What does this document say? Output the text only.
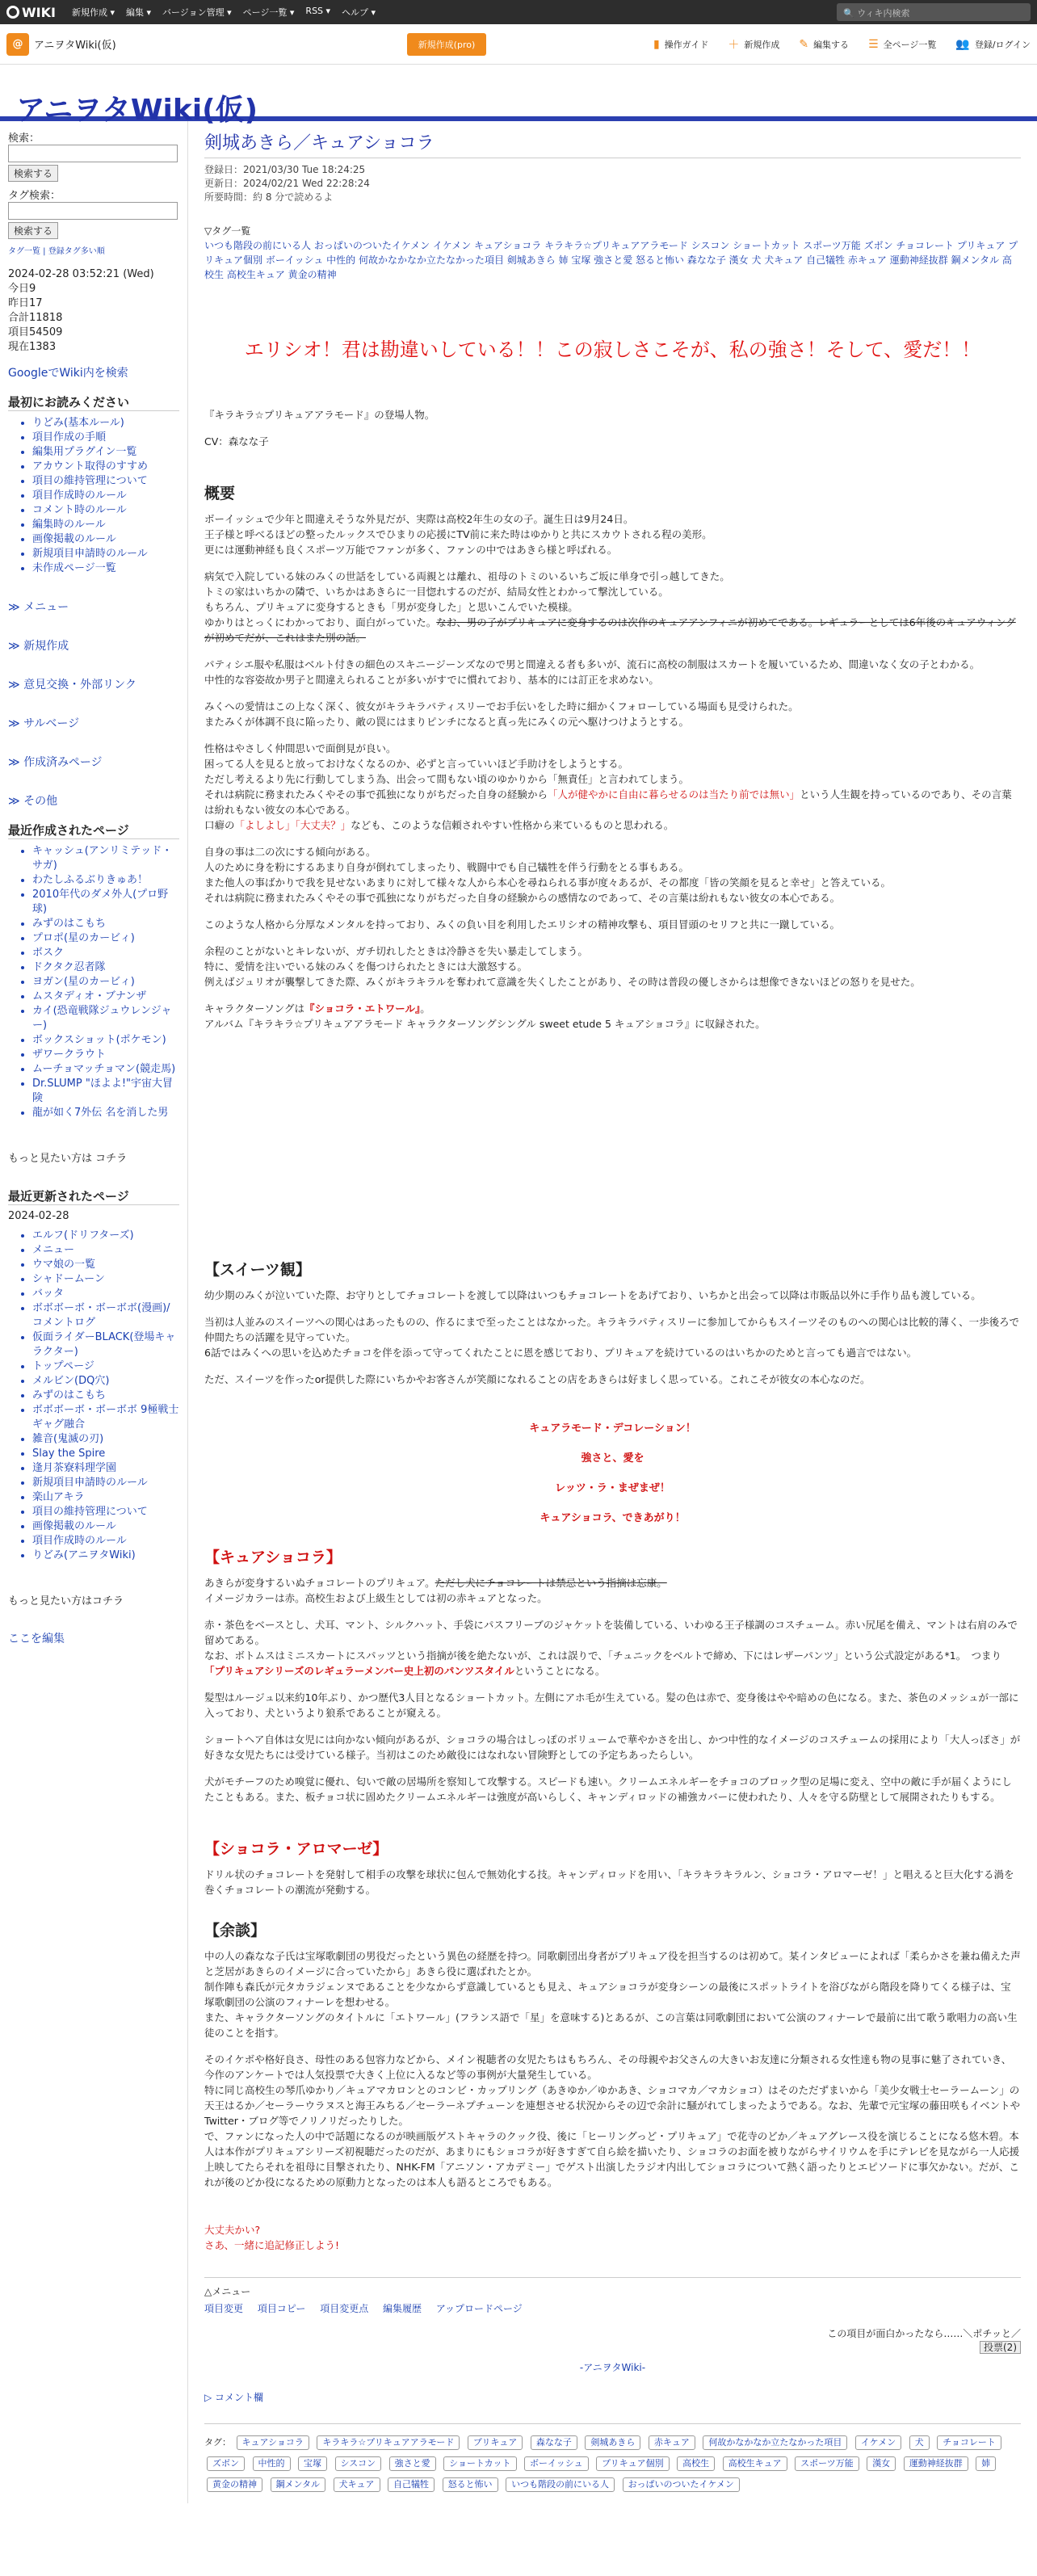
WIKI 新規作成 ▾	編集 ▾	バージョン管理 ▾	ページ一覧 ▾	RSS ▾	ヘルプ ▾	🔍 ウィキ内検索
@	アニヲタWiki(仮)	新規作成(pro)	▮ 操作ガイド ＋ 新規作成 ✎ 編集する ☰ 全ページ一覧 👥 登録/ログイン
アニヲタWiki(仮)
検索：
検索する
タグ検索：
検索する
タグ一覧 | 登録タグ多い順
2024-02-28 03:52:21 (Wed)
今日9
昨日17
合計11818
項目54509
現在1383
GoogleでWiki内を検索
最初にお読みください
• りどみ(基本ルール)
• 項目作成の手順
• 編集用プラグイン一覧
• アカウント取得のすすめ
• 項目の維持管理について
• 項目作成時のルール
• コメント時のルール
• 編集時のルール
• 画像掲載のルール
• 新規項目申請時のルール
• 未作成ページ一覧
≫ メニュー
≫ 新規作成
≫ 意見交換・外部リンク
≫ サルベージ
≫ 作成済みページ
≫ その他
最近作成されたページ
• キャッシュ(アンリミテッド・サガ)
• わたしふるぶりきゅあ！
• 2010年代のダメ外人(プロ野球)
• みずのはこもち
• プロポ(星のカービィ)
• ボスク
• ドクタク忍者隊
• ヨガン(星のカービィ)
• ムスタディオ・ブナンザ
• カイ(恐竜戦隊ジュウレンジャー)
• ボックスショット(ポケモン)
• ザワークラウト
• ムーチョマッチョマン(競走馬)
• Dr.SLUMP "ほよよ!"宇宙大冒険
• 龍が如く7外伝 名を消した男
もっと見たい方は コチラ
最近更新されたページ
2024-02-28
• エルフ(ドリフターズ)
• メニュー
• ウマ娘の一覧
• シャドームーン
• バッタ
• ボボボーボ・ボーボボ(漫画)/コメントログ
• 仮面ライダーBLACK(登場キャラクター)
• トップページ
• メルビン(DQ穴)
• みずのはこもち
• ボボボーボ・ボーボボ 9極戦士ギャグ融合
• 雑音(鬼滅の刃)
• Slay the Spire
• 逢月茶寮料理学園
• 新規項目申請時のルール
• 楽山アキラ
• 項目の維持管理について
• 画像掲載のルール
• 項目作成時のルール
• りどみ(アニヲタWiki)
もっと見たい方はコチラ
ここを編集
剣城あきら／キュアショコラ
登録日：2021/03/30 Tue 18:24:25
更新日：2024/02/21 Wed 22:28:24
所要時間：約 8 分で読めるよ
▽タグ一覧
いつも階段の前にいる人 おっぱいのついたイケメン イケメン キュアショコラ キラキラ☆プリキュアアラモード シスコン ショートカット スポーツ万能 ズボン チョコレート プリキュア プリキュア個別 ボーイッシュ 中性的 何故かなかなか立たなかった項目 剣城あきら 姉 宝塚 強さと愛 怒ると怖い 森なな子 漢女 犬 犬キュア 自己犠牲 赤キュア 運動神経抜群 鋼メンタル 高校生 高校生キュア 黄金の精神
エリシオ！君は勘違いしている！！この寂しさこそが、私の強さ！そして、愛だ！！

『キラキラ☆プリキュアアラモード』の登場人物。

CV：森なな子

概要

ボーイッシュで少年と間違えそうな外見だが、実際は高校2年生の女の子。誕生日は9月24日。
王子様と呼べるほどの整ったルックスでひまりの応援にTV前に来た時はゆかりと共にスカウトされる程の美形。
更には運動神経も良くスポーツ万能でファンが多く、ファンの中ではあきら様と呼ばれる。

病気で入院している妹のみくの世話をしている両親とは離れ、祖母のトミのいるいちご坂に単身で引っ越してきた。
トミの家はいちかの隣で、いちかはあきらに一目惚れするのだが、結局女性とわかって撃沈している。
もちろん、プリキュアに変身するときも「男が変身した」と思いこんでいた模様。
ゆかりはとっくにわかっており、面白がっていた。なお、男の子がプリキュアに変身するのは次作のキュアアンフィニが初めてである。レギュラーとしては6年後のキュアウィングが初めてだが、これはまた別の話。

パティシエ服や私服はベルト付きの細色のスキニージーンズなので男と間違える者も多いが、流石に高校の制服はスカートを履いているため、間違いなく女の子とわかる。
中性的な容姿故か男子と間違えられることが多いがすでに慣れており、基本的には訂正を求めない。

みくへの愛情はこの上なく深く、彼女がキラキラパティスリーでお手伝いをした時に細かくフォローしている場面も見受けられた。
またみくが体調不良に陥ったり、敵の罠にはまりピンチになると真っ先にみくの元へ駆けつけようとする。

性格はやさしく仲間思いで面倒見が良い。
困ってる人を見ると放っておけなくなるのか、必ずと言っていいほど手助けをしようとする。
ただし考えるより先に行動してしまう為、出会って間もない頃のゆかりから「無責任」と言われてしまう。
それは病院に務まれたみくやその事で孤独になりがちだった自身の経験から「人が健やかに自由に暮らせるのは当たり前では無い」という人生観を持っているのであり、その言葉は紛れもない彼女の本心である。
口癖の「よしよし」「大丈夫？」なども、このような信頼されやすい性格から来ているものと思われる。

自身の事は二の次にする傾向がある。
人のために身を粉にするあまり自身が倒れてしまったり、戦闘中でも自己犠牲を伴う行動をとる事もある。
また他人の事ばかりで我を見せないあまりに対して様々な人から本心を尋ねられる事が度々あるが、その都度「皆の笑顔を見ると幸せ」と答えている。
それは病院に務まれたみくやその事で孤独になりがちだった自身の経験からの感情なのであって、その言葉は紛れもない彼女の本心である。

このような人格から分厚なメンタルを持っており、みくの負い目を利用したエリシオの精神攻撃も、項目冒頭のセリフと共に一蹴している。

余程のことがないとキレないが、ガチ切れしたときは冷静さを失い暴走してしまう。
特に、愛情を注いでいる妹のみくを傷つけられたときには大激怒する。
例えばジュリオが襲撃してきた際、みくがキラキラルを奪われて意識を失くしたことがあり、その時は普段の優しさからは想像できないほどの怒りを見せた。

キャラクターソングは『ショコラ・エトワール』。
アルバム『キラキラ☆プリキュアアラモード キャラクターソングシングル sweet etude 5 キュアショコラ』に収録された。

【スイーツ観】

幼少期のみくが泣いていた際、お守りとしてチョコレートを渡して以降はいつもチョコレートをあげており、いちかと出会って以降は市販品以外に手作り品も渡している。

当初は人並みのスイーツへの関心はあったものの、作るにまで至ったことはなかった。キラキラパティスリーに参加してからもスイーツそのものへの関心は比較的薄く、一歩後ろで仲間たちの活躍を見守っていた。
6話ではみくへの思いを込めたチョコを伴を添って守ってくれたことに恩を感じており、プリキュアを続けているのはいちかのためと言っても過言ではない。

ただ、スイーツを作ったor提供した際にいちかやお客さんが笑顔になれることの店をあきらは好ましく思っている。これこそが彼女の本心なのだ。

キュアラモード・デコレーション！
強さと、愛を
レッツ・ラ・まぜまぜ！
キュアショコラ、できあがり！
【キュアショコラ】

あきらが変身するいぬチョコレートのプリキュア。ただし犬にチョコレートは禁忌という指摘は忘康。
イメージカラーは赤。高校生および上級生としては初の赤キュアとなった。

赤・茶色をベースとし、犬耳、マント、シルクハット、手袋にパスフリーブのジャケットを装備している、いわゆる王子様調のコスチューム。赤い尻尾を備え、マントは右肩のみで留めてある。
なお、ボトムスはミニスカートにスパッツという指摘が後を絶たないが、これは誤りで、「チュニックをベルトで締め、下にはレザーパンツ」という公式設定がある*1。　つまり「プリキュアシリーズのレギュラーメンバー史上初のパンツスタイルということになる。

髪型はルージュ以来約10年ぶり、かつ歴代3人目となるショートカット。左側にアホ毛が生えている。髪の色は赤で、変身後はやや暗めの色になる。また、茶色のメッシュが一部に入っており、犬というより狼系であることが窺える。

ショートヘア自体は女児には向かない傾向があるが、ショコラの場合はしっぽのボリュームで華やかさを出し、かつ中性的なイメージのコスチュームの採用により「大人っぽさ」が好きな女児たちには受けている様子。当初はこのため敵役にはなれない冒険野としての予定ちあったらしい。

犬がモチーフのため嗅覚に優れ、匂いで敵の居場所を察知して攻撃する。スピードも速い。クリームエネルギーをチョコのブロック型の足場に変え、空中の敵に手が届くようにしたこともある。また、板チョコ状に固めたクリームエネルギーは強度が高いらしく、キャンディロッドの補強カバーに使われたり、人々を守る防壁として展開されたりもする。

【ショコラ・アロマーゼ】

ドリル状のチョコレートを発射して相手の攻撃を球状に包んで無効化する技。キャンディロッドを用い、「キラキラキラルン、ショコラ・アロマーゼ！」と唱えると巨大化する渦を巻くチョコレートの潮流が発動する。

【余談】

中の人の森なな子氏は宝塚歌劇団の男役だったという異色の経歴を持つ。同歌劇団出身者がプリキュア役を担当するのは初めて。某インタビューによれば「柔らかさを兼ね備えた声と芝居があきらのイメージに合っていたから」あきら役に選ばれたとか。
制作陣も森氏が元タカラジェンヌであることを少なからず意識しているとも見え、キュアショコラが変身シーンの最後にスポットライトを浴びながら階段を降りてくる様子は、宝塚歌劇団の公演のフィナーレを想わせる。
また、キャラクターソングのタイトルに「エトワール」(フランス語で「星」を意味する)とあるが、この言葉は同歌劇団において公演のフィナーレで最前に出て歌う歌唱力の高い生徒のことを指す。

そのイケボや格好良さ、母性のある包容力などから、メイン視聴者の女児たちはもちろん、その母親やお父さんの大きいお友達に分類される女性達も物の見事に魅了されていき、今作のアンケートでは人気投票で大きく上位に入るなど等の事例が大量発生している。
特に同じ高校生の琴爪ゆかり／キュアマカロンとのコンビ・カップリング（あきゆか／ゆかあき、ショコマカ／マカショコ）はそのただずまいから「美少女戦士セーラームーン」の天王はるか／セーラーウラヌスと海王みちる／セーラーネプチューンを連想させる状況からその辺で余計に騒がれてしまったようである。なお、先輩で元宝塚の藤田咲もイベントやTwitter・ブログ等でノリノリだったりした。
で、ファンになった人の中で話題になるのが映画版ゲストキャラのクック役、後に「ヒーリングっど・プリキュア」で花寺のどか／キュアグレース役を演じることになる悠木碧。本人は本作がプリキュアシリーズ初視聴だったのだが、あまりにもショコラが好きすぎて自ら絵を描いたり、ショコラのお面を被りながらサイリウムを手にテレビを見ながら一人応援上映してたらそれを祖母に目撃されたり、NHK-FM「アニソン・アカデミー」でゲスト出演したラジオ内出してショコラについて熱く語ったりとエピソードに事欠かない。だが、これが後のどか役になるための原動力となったのは本人も語るところでもある。

大丈夫かい?
さあ、一緒に追記修正しよう!

△メニュー
項目変更 項目コピー 項目変更点 編集履歴 アップロードページ
この項目が面白かったなら……＼ポチッと／
投票(2)
-アニヲタWiki-
▷ コメント欄
タグ： キュアショコラ キラキラ☆プリキュアアラモード プリキュア 森なな子 剣城あきら 赤キュア 何故かなかなか立たなかった項目 イケメン 犬 チョコレート ズボン 中性的 宝塚 シスコン 強さと愛 ショートカット ボーイッシュ プリキュア個別 高校生 高校生キュア スポーツ万能 漢女 運動神経抜群 姉 黄金の精神 鋼メンタル 犬キュア 自己犠牲 怒ると怖い いつも階段の前にいる人 おっぱいのついたイケメン
